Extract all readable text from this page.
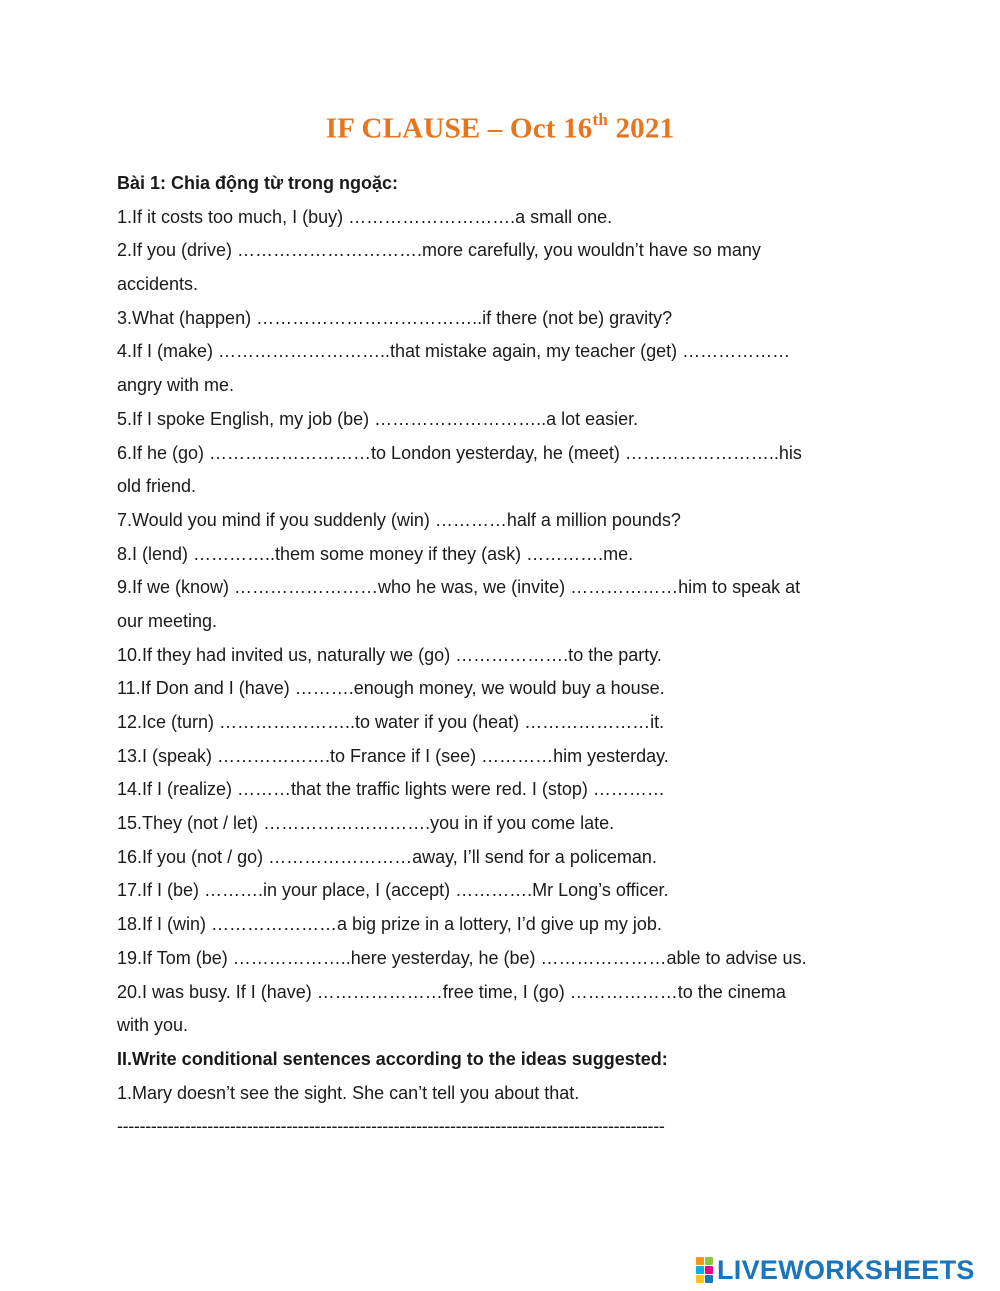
IF CLAUSE – Oct 16th 2021
Bài 1: Chia động từ trong ngoặc:
1.If it costs too much, I (buy) ……………………….a small one.
2.If you (drive) ………………………….more carefully, you wouldn’t have so many
accidents.
3.What (happen) ………………………………..if there (not be) gravity?
4.If I (make) ………………………..that mistake again, my teacher (get) ………………
angry with me.
5.If I spoke English, my job (be) ………………………..a lot easier.
6.If he (go) ………………………to London yesterday, he (meet) ……………………..his
old friend.
7.Would you mind if you suddenly (win) …………half a million pounds?
8.I (lend) …………..them some money if they (ask) ………….me.
9.If we (know) ……………………who he was, we (invite) ………………him to speak at
our meeting.
10.If they had invited us, naturally we (go) ……………….to the party.
11.If Don and I (have) ……….enough money, we would buy a house.
12.Ice (turn) …………………..to water if you (heat) …………………it.
13.I (speak) ……………….to France if I (see) …………him yesterday.
14.If I (realize) ………that the traffic lights were red. I (stop) …………
15.They (not / let) ……………………….you in if you come late.
16.If you (not / go) ……………………away, I’ll send for a policeman.
17.If I (be) ……….in your place, I (accept) ………….Mr Long’s officer.
18.If I (win) …………………a big prize in a lottery, I’d give up my job.
19.If Tom (be) ………………..here yesterday, he (be) …………………able to advise us.
20.I was busy. If I (have) …………………free time, I (go) ………………to the cinema
with you.
II.Write conditional sentences according to the ideas suggested:
1.Mary doesn’t see the sight. She can’t tell you about that.
-------------------------------------------------------------------------------------------------
LIVEWORKSHEETS
